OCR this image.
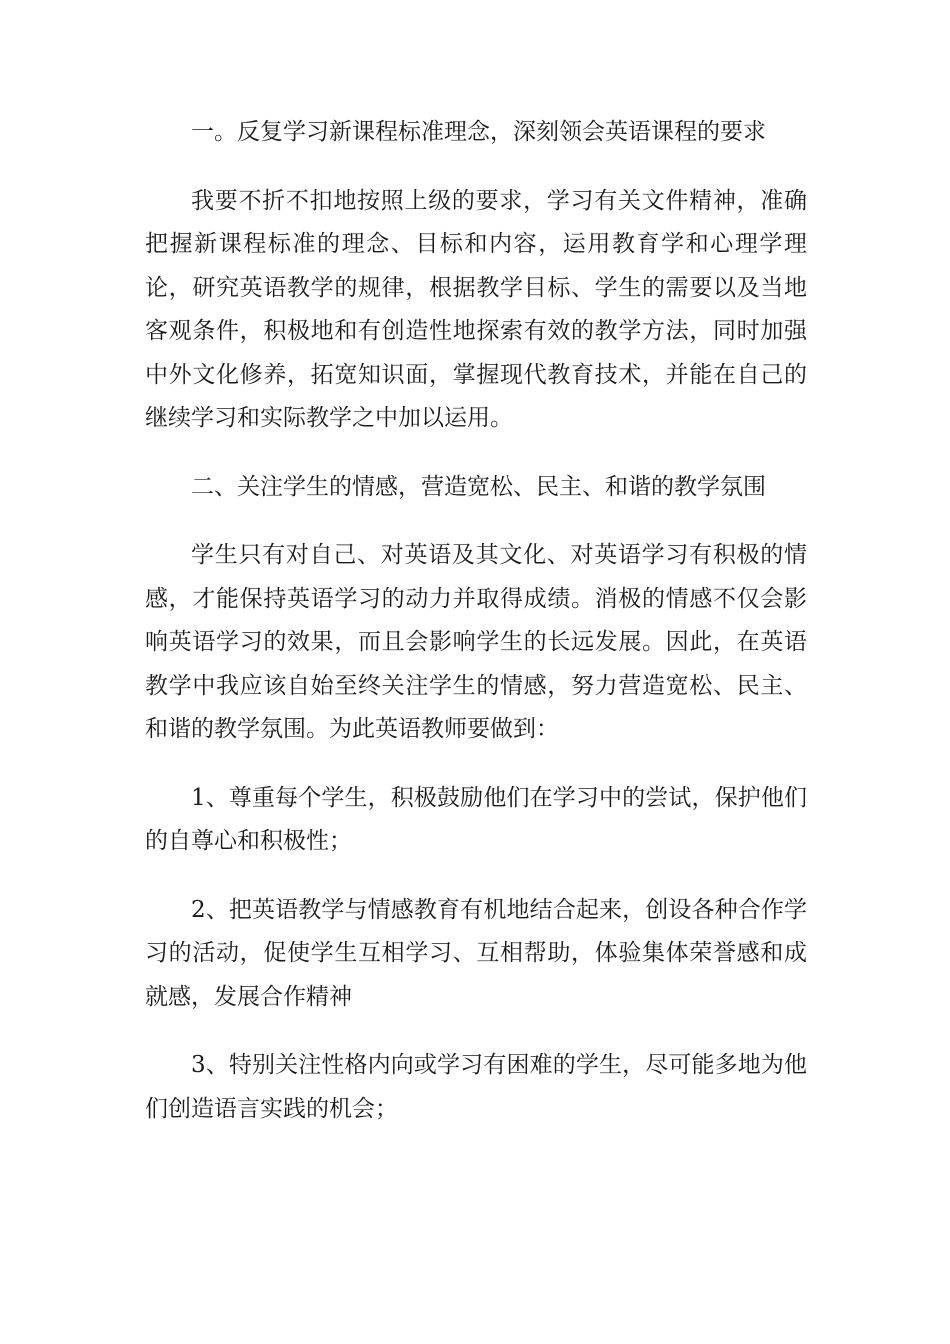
一。反复学习新课程标准理念，深刻领会英语课程的要求

我要不折不扣地按照上级的要求，学习有关文件精神，准确把握新课程标准的理念、目标和内容，运用教育学和心理学理论，研究英语教学的规律，根据教学目标、学生的需要以及当地客观条件，积极地和有创造性地探索有效的教学方法，同时加强中外文化修养，拓宽知识面，掌握现代教育技术，并能在自己的继续学习和实际教学之中加以运用。

二、关注学生的情感，营造宽松、民主、和谐的教学氛围

学生只有对自己、对英语及其文化、对英语学习有积极的情感，才能保持英语学习的动力并取得成绩。消极的情感不仅会影响英语学习的效果，而且会影响学生的长远发展。因此，在英语教学中我应该自始至终关注学生的情感，努力营造宽松、民主、和谐的教学氛围。为此英语教师要做到：

1、尊重每个学生，积极鼓励他们在学习中的尝试，保护他们的自尊心和积极性；

2、把英语教学与情感教育有机地结合起来，创设各种合作学习的活动，促使学生互相学习、互相帮助，体验集体荣誉感和成就感，发展合作精神

3、特别关注性格内向或学习有困难的学生，尽可能多地为他们创造语言实践的机会；
